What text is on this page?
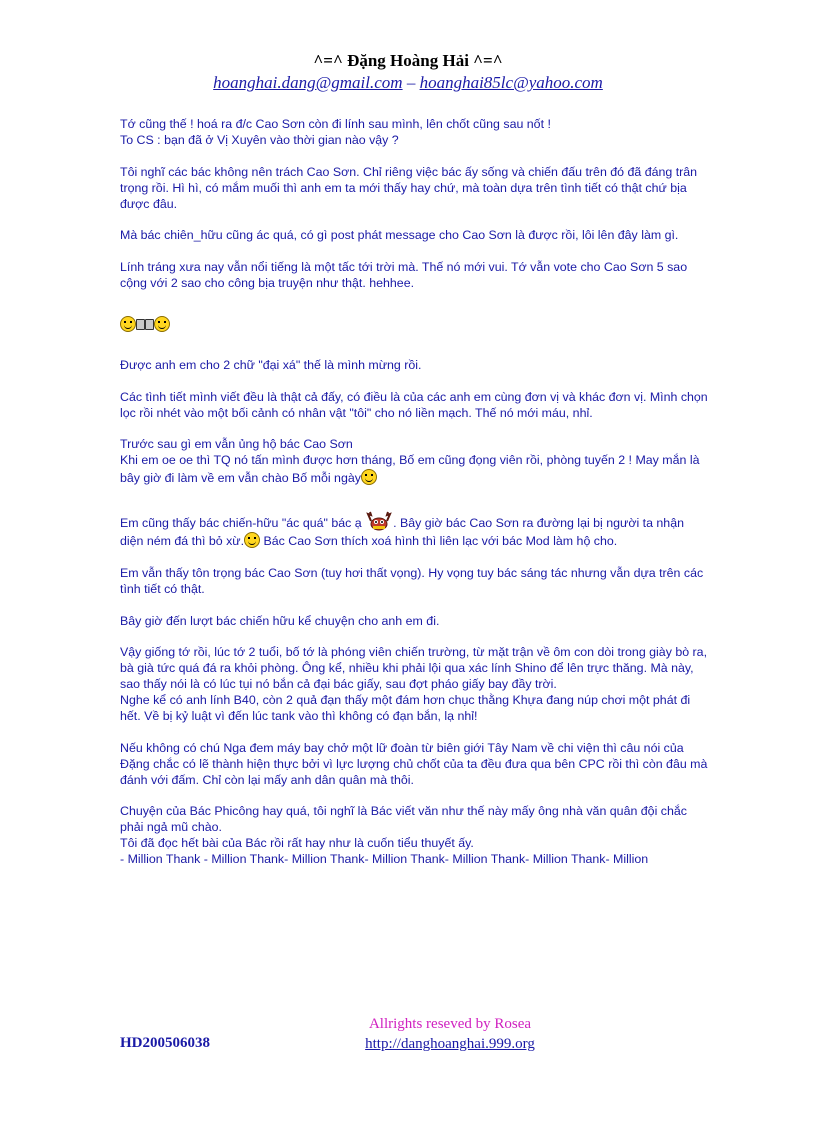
^=^ Đặng Hoàng Hải ^=^
hoanghai.dang@gmail.com – hoanghai85lc@yahoo.com

Tớ cũng thế ! hoá ra đ/c Cao Sơn còn đi lính sau mình, lên chốt cũng sau nốt !
To CS : bạn đã ở Vị Xuyên vào thời gian nào vậy ?

Tôi nghĩ các bác không nên trách Cao Sơn. Chỉ riêng việc bác ấy sống và chiến đấu trên đó đã đáng trân trọng rồi. Hì hì, có mắm muối thì anh em ta mới thấy hay chứ, mà toàn dựa trên tình tiết có thật chứ bịa được đâu.

Mà bác chiên_hữu cũng ác quá, có gì post phát message cho Cao Sơn là được rồi, lôi lên đây làm gì.

Lính tráng xưa nay vẫn nổi tiếng là một tấc tới trời mà. Thế nó mới vui. Tớ vẫn vote cho Cao Sơn 5 sao cộng với 2 sao cho công bịa truyện như thật. hehhee.

Được anh em cho 2 chữ "đại xá" thế là mình mừng rồi.

Các tình tiết mình viết đều là thật cả đấy, có điều là của các anh em cùng đơn vị và khác đơn vị. Mình chọn lọc rồi nhét vào một bối cảnh có nhân vật "tôi" cho nó liền mạch. Thế nó mới máu, nhỉ.

Trước sau gì em vẫn ủng hộ bác Cao Sơn
Khi em oe oe thì TQ nó tấn mình được hơn tháng, Bố em cũng đọng viên rồi, phòng tuyến 2 ! May mắn là bây giờ đi làm về em vẫn chào Bố mỗi ngày

Em cũng thấy bác chiến-hữu "ác quá" bác ạ	. Bây giờ bác Cao Sơn ra đường lại bị người ta nhận diện ném đá thì bỏ xừ. Bác Cao Sơn thích xoá hình thì liên lạc với bác Mod làm hộ cho.

Em vẫn thấy tôn trọng bác Cao Sơn (tuy hơi thất vọng). Hy vọng tuy bác sáng tác nhưng vẫn dựa trên các tình tiết có thật.

Bây giờ đến lượt bác chiến hữu kể chuyện cho anh em đi.

Vậy giống tớ rồi, lúc tớ 2 tuổi, bố tớ là phóng viên chiến trường, từ mặt trận về ôm con dòi trong giày bò ra, bà già tức quá đá ra khỏi phòng. Ông kể, nhiều khi phải lội qua xác lính Shino để lên trực thăng. Mà này, sao thấy nói là có lúc tụi nó bắn cả đại bác giấy, sau đợt pháo giấy bay đầy trời.
Nghe kể có anh lính B40, còn 2 quả đạn thấy một đám hơn chục thằng Khựa đang núp chơi một phát đi hết. Về bị kỷ luật vì đến lúc tank vào thì không có đạn bắn, lạ nhỉ!

Nếu không có chú Nga đem máy bay chở một lữ đoàn từ biên giới Tây Nam về chi viện thì câu nói của Đặng chắc có lẽ thành hiện thực bởi vì lực lượng chủ chốt của ta đều đưa qua bên CPC rồi thì còn đâu mà đánh với đấm. Chỉ còn lại mấy anh dân quân mà thôi.

Chuyện của Bác Phicông hay quá, tôi nghĩ là Bác viết văn như thế này mấy ông nhà văn quân đội chắc phải ngả mũ chào.
Tôi đã đọc hết bài của Bác rồi rất hay như là cuốn tiểu thuyết ấy.
- Million Thank - Million Thank- Million Thank- Million Thank- Million Thank- Million Thank- Million

HD200506038
Allrights reseved by Rosea
http://danghoanghai.999.org
